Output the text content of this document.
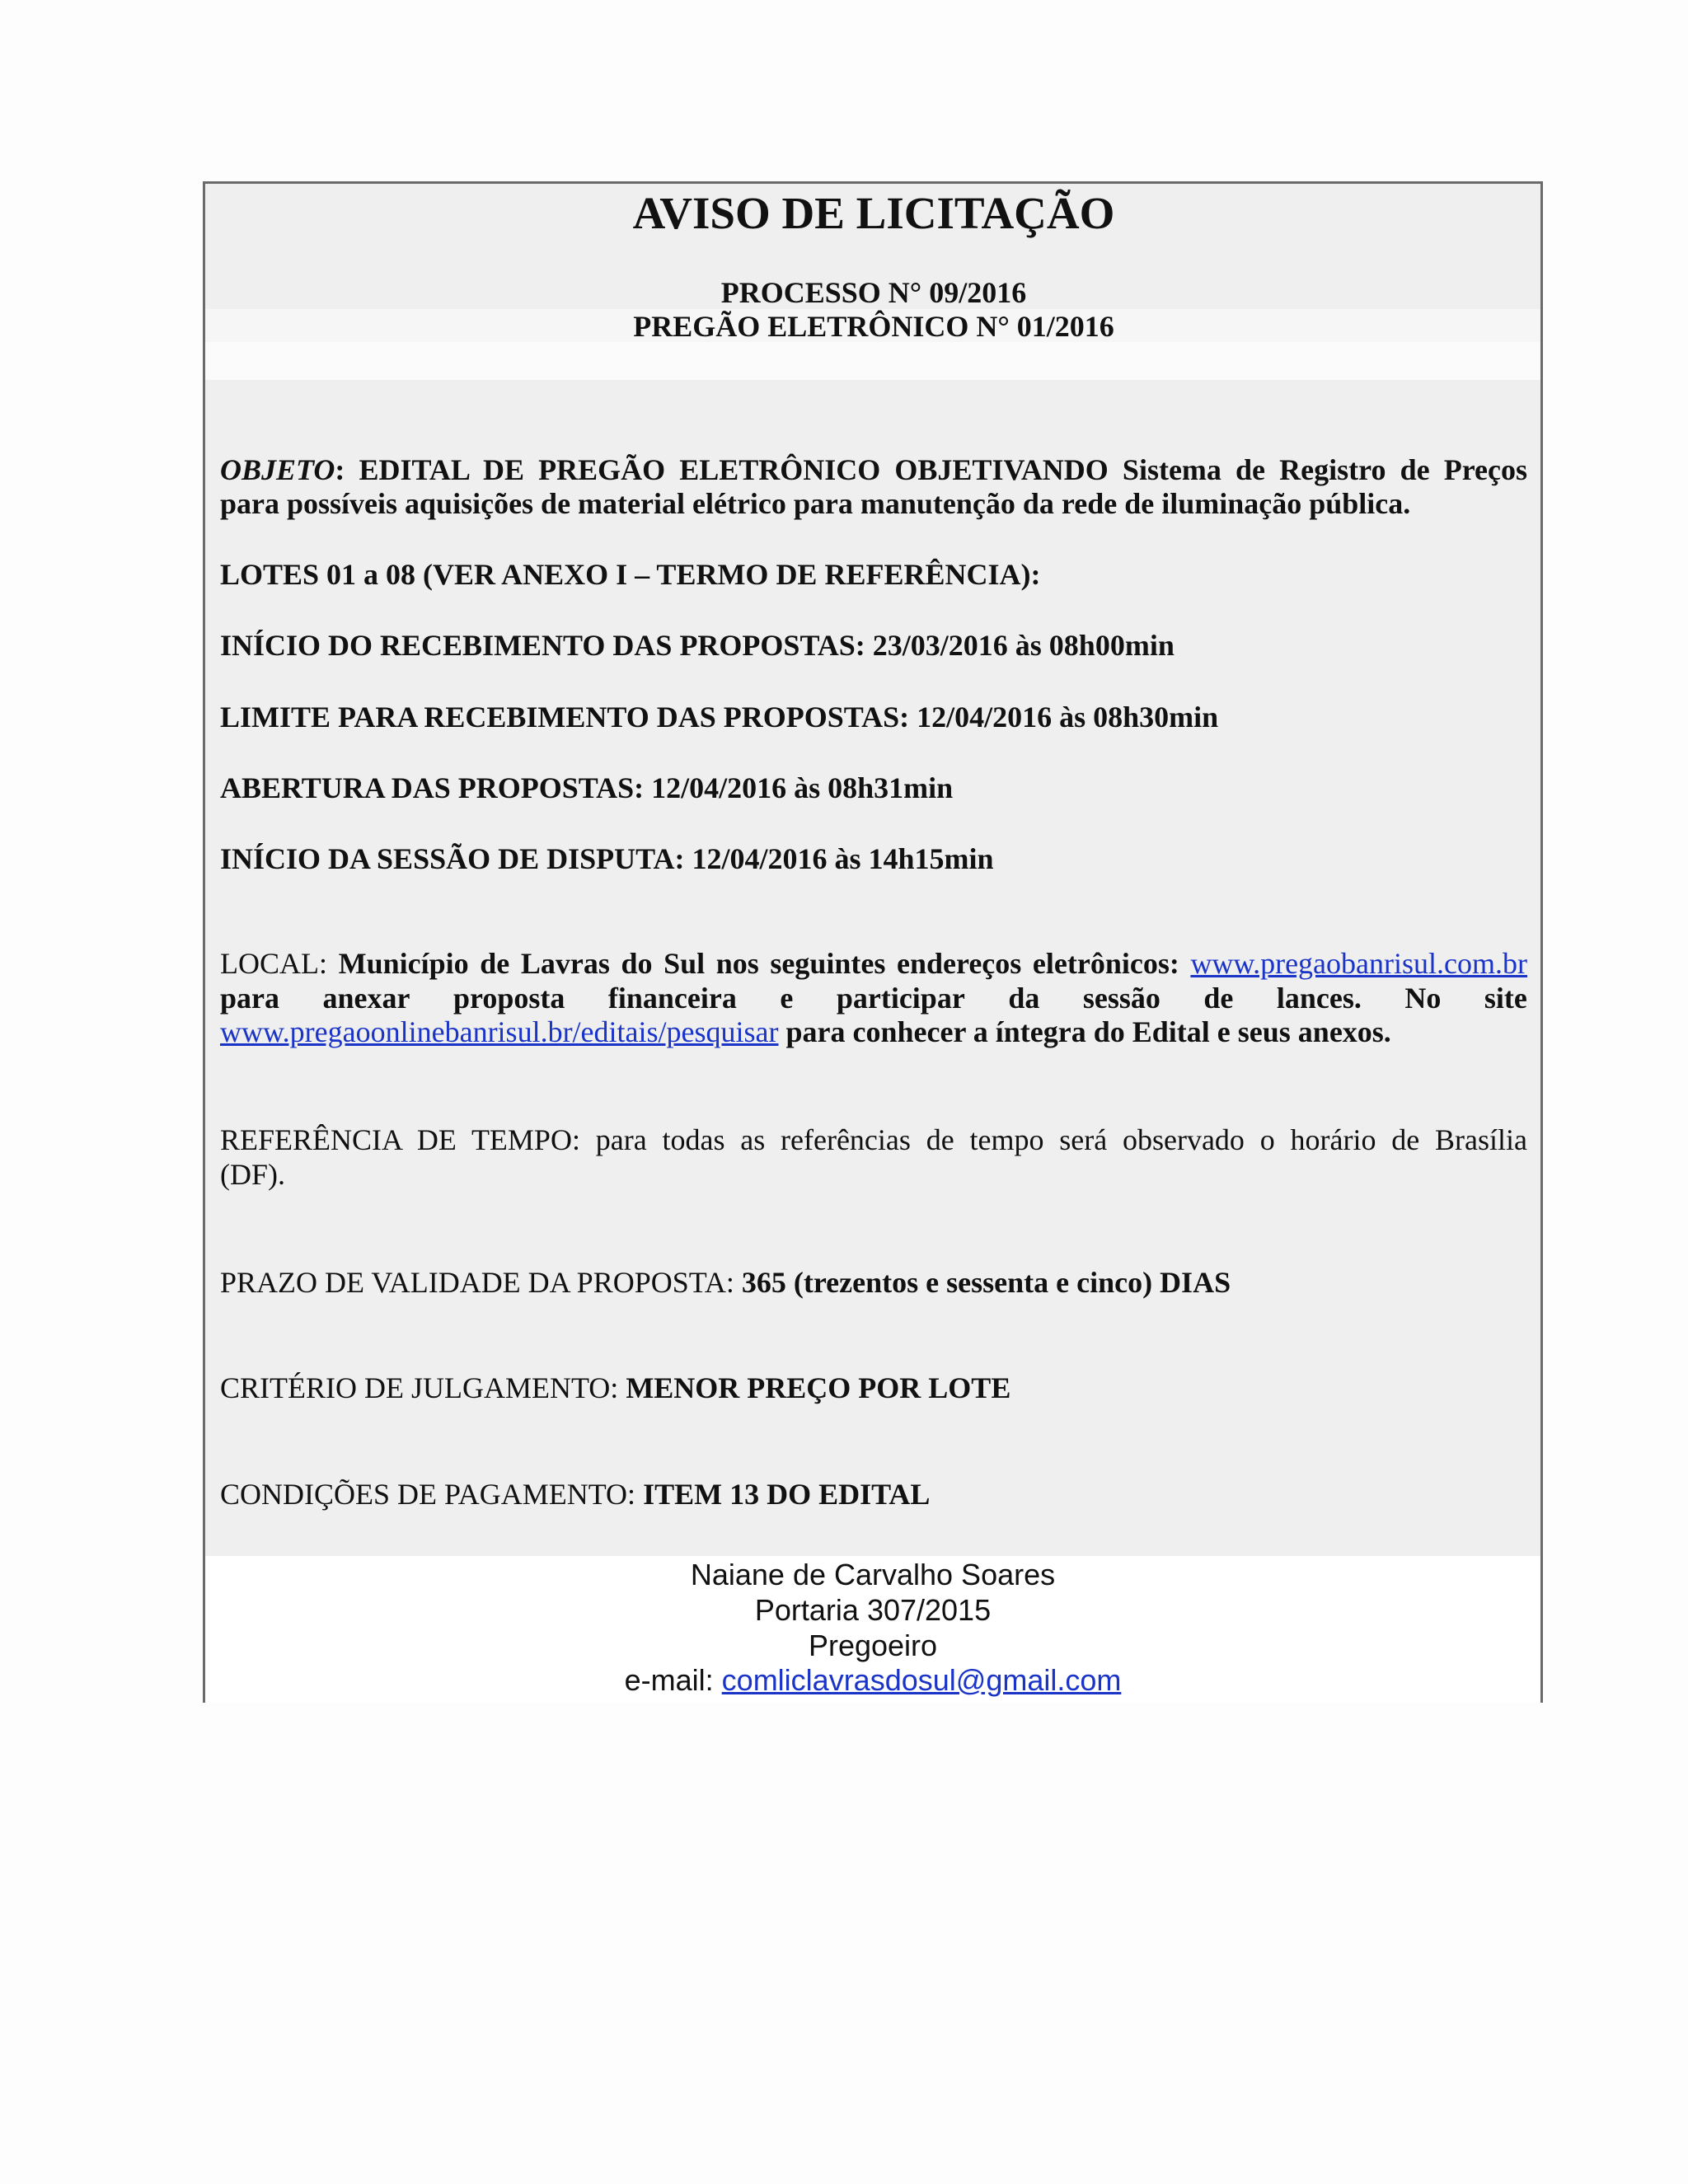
AVISO DE LICITAÇÃO
PROCESSO N° 09/2016
PREGÃO ELETRÔNICO N° 01/2016
OBJETO: EDITAL DE PREGÃO ELETRÔNICO OBJETIVANDO Sistema de Registro de Preços
para possíveis aquisições de material elétrico para manutenção da rede de iluminação pública.
LOTES 01 a 08 (VER ANEXO I – TERMO DE REFERÊNCIA):
INÍCIO DO RECEBIMENTO DAS PROPOSTAS: 23/03/2016 às 08h00min
LIMITE PARA RECEBIMENTO DAS PROPOSTAS: 12/04/2016 às 08h30min
ABERTURA DAS PROPOSTAS: 12/04/2016 às 08h31min
INÍCIO DA SESSÃO DE DISPUTA: 12/04/2016 às 14h15min
LOCAL: Município de Lavras do Sul nos seguintes endereços eletrônicos: www.pregaobanrisul.com.br
para anexar proposta financeira e participar da sessão de lances. No site
www.pregaoonlinebanrisul.br/editais/pesquisar para conhecer a íntegra do Edital e seus anexos.
REFERÊNCIA DE TEMPO: para todas as referências de tempo será observado o horário de Brasília
(DF).
PRAZO DE VALIDADE DA PROPOSTA: 365 (trezentos e sessenta e cinco) DIAS
CRITÉRIO DE JULGAMENTO: MENOR PREÇO POR LOTE
CONDIÇÕES DE PAGAMENTO: ITEM 13 DO EDITAL
Naiane de Carvalho Soares
Portaria 307/2015
Pregoeiro
e-mail: comliclavrasdosul@gmail.com
